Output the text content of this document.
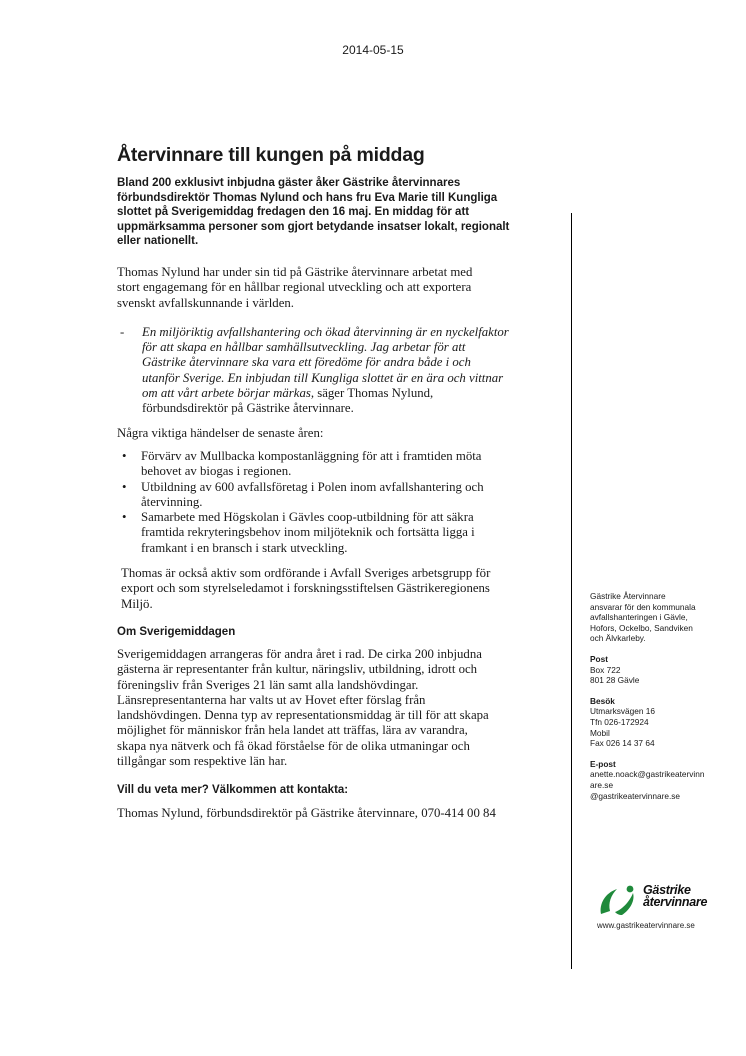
2014-05-15
Återvinnare till kungen på middag
Bland 200 exklusivt inbjudna gäster åker Gästrike återvinnares
förbundsdirektör Thomas Nylund och hans fru Eva Marie till Kungliga
slottet på Sverigemiddag fredagen den 16 maj. En middag för att
uppmärksamma personer som gjort betydande insatser lokalt, regionalt
eller nationellt.
Thomas Nylund har under sin tid på Gästrike återvinnare arbetat med
stort engagemang för en hållbar regional utveckling och att exportera
svenskt avfallskunnande i världen.
- En miljöriktig avfallshantering och ökad återvinning är en nyckelfaktor
för att skapa en hållbar samhällsutveckling. Jag arbetar för att
Gästrike återvinnare ska vara ett föredöme för andra både i och
utanför Sverige. En inbjudan till Kungliga slottet är en ära och vittnar
om att vårt arbete börjar märkas, säger Thomas Nylund,
förbundsdirektör på Gästrike återvinnare.
Några viktiga händelser de senaste åren:
• Förvärv av Mullbacka kompostanläggning för att i framtiden möta
behovet av biogas i regionen.
• Utbildning av 600 avfallsföretag i Polen inom avfallshantering och
återvinning.
• Samarbete med Högskolan i Gävles coop-utbildning för att säkra
framtida rekryteringsbehov inom miljöteknik och fortsätta ligga i
framkant i en bransch i stark utveckling.
Thomas är också aktiv som ordförande i Avfall Sveriges arbetsgrupp för
export och som styrelseledamot i forskningsstiftelsen Gästrikeregionens
Miljö.
Om Sverigemiddagen
Sverigemiddagen arrangeras för andra året i rad. De cirka 200 inbjudna
gästerna är representanter från kultur, näringsliv, utbildning, idrott och
föreningsliv från Sveriges 21 län samt alla landshövdingar.
Länsrepresentanterna har valts ut av Hovet efter förslag från
landshövdingen. Denna typ av representationsmiddag är till för att skapa
möjlighet för människor från hela landet att träffas, lära av varandra,
skapa nya nätverk och få ökad förståelse för de olika utmaningar och
tillgångar som respektive län har.
Vill du veta mer? Välkommen att kontakta:
Thomas Nylund, förbundsdirektör på Gästrike återvinnare, 070-414 00 84
Gästrike Återvinnare
ansvarar för den kommunala
avfallshanteringen i Gävle,
Hofors, Ockelbo, Sandviken
och Älvkarleby.
Post
Box 722
801 28 Gävle
Besök
Utmarksvägen 16
Tfn 026-172924
Mobil
Fax 026 14 37 64
E-post
anette.noack@gastrikeatervinn
are.se
@gastrikeatervinnare.se
Gästrike
återvinnare
www.gastrikeatervinnare.se
